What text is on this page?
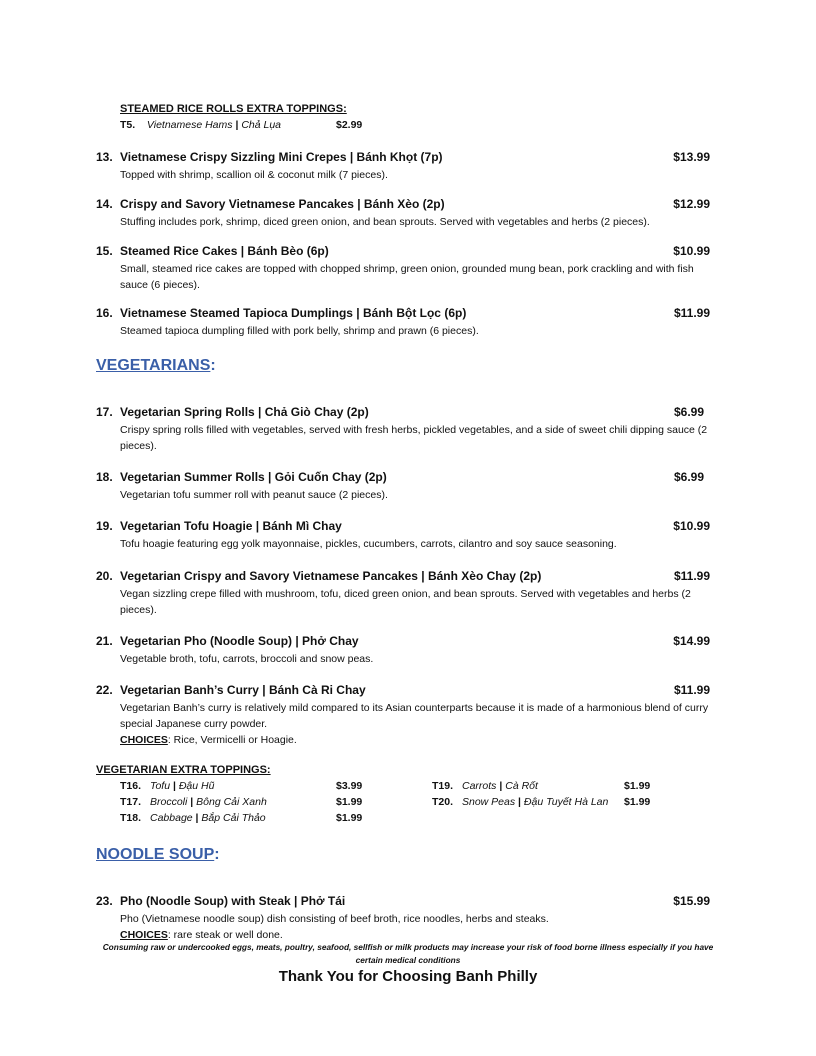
STEAMED RICE ROLLS EXTRA TOPPINGS:
T5. Vietnamese Hams | Chả Lụa	$2.99
13. Vietnamese Crispy Sizzling Mini Crepes | Bánh Khọt (7p)	$13.99
Topped with shrimp, scallion oil & coconut milk (7 pieces).
14. Crispy and Savory Vietnamese Pancakes | Bánh Xèo (2p)	$12.99
Stuffing includes pork, shrimp, diced green onion, and bean sprouts. Served with vegetables and herbs (2 pieces).
15. Steamed Rice Cakes | Bánh Bèo (6p)	$10.99
Small, steamed rice cakes are topped with chopped shrimp, green onion, grounded mung bean, pork crackling and with fish sauce (6 pieces).
16. Vietnamese Steamed Tapioca Dumplings | Bánh Bột Lọc (6p)	$11.99
Steamed tapioca dumpling filled with pork belly, shrimp and prawn (6 pieces).
VEGETARIANS:
17. Vegetarian Spring Rolls | Chả Giò Chay (2p)	$6.99
Crispy spring rolls filled with vegetables, served with fresh herbs, pickled vegetables, and a side of sweet chili dipping sauce (2 pieces).
18. Vegetarian Summer Rolls | Gỏi Cuốn Chay (2p)	$6.99
Vegetarian tofu summer roll with peanut sauce (2 pieces).
19. Vegetarian Tofu Hoagie | Bánh Mì Chay	$10.99
Tofu hoagie featuring egg yolk mayonnaise, pickles, cucumbers, carrots, cilantro and soy sauce seasoning.
20. Vegetarian Crispy and Savory Vietnamese Pancakes | Bánh Xèo Chay (2p)	$11.99
Vegan sizzling crepe filled with mushroom, tofu, diced green onion, and bean sprouts. Served with vegetables and herbs (2 pieces).
21. Vegetarian Pho (Noodle Soup) | Phở Chay	$14.99
Vegetable broth, tofu, carrots, broccoli and snow peas.
22. Vegetarian Banh’s Curry | Bánh Cà Ri Chay	$11.99
Vegetarian Banh’s curry is relatively mild compared to its Asian counterparts because it is made of a harmonious blend of curry special Japanese curry powder.
CHOICES: Rice, Vermicelli or Hoagie.
VEGETARIAN EXTRA TOPPINGS:
T16. Tofu | Đậu Hũ	$3.99
T17. Broccoli | Bông Cải Xanh	$1.99
T18. Cabbage | Bắp Cải Thảo	$1.99
T19. Carrots | Cà Rốt	$1.99
T20. Snow Peas | Đậu Tuyết Hà Lan $1.99
NOODLE SOUP:
23. Pho (Noodle Soup) with Steak | Phở Tái	$15.99
Pho (Vietnamese noodle soup) dish consisting of beef broth, rice noodles, herbs and steaks.
CHOICES: rare steak or well done.
Consuming raw or undercooked eggs, meats, poultry, seafood, sellfish or milk products may increase your risk of food borne illness especially if you have certain medical conditions
Thank You for Choosing Banh Philly
